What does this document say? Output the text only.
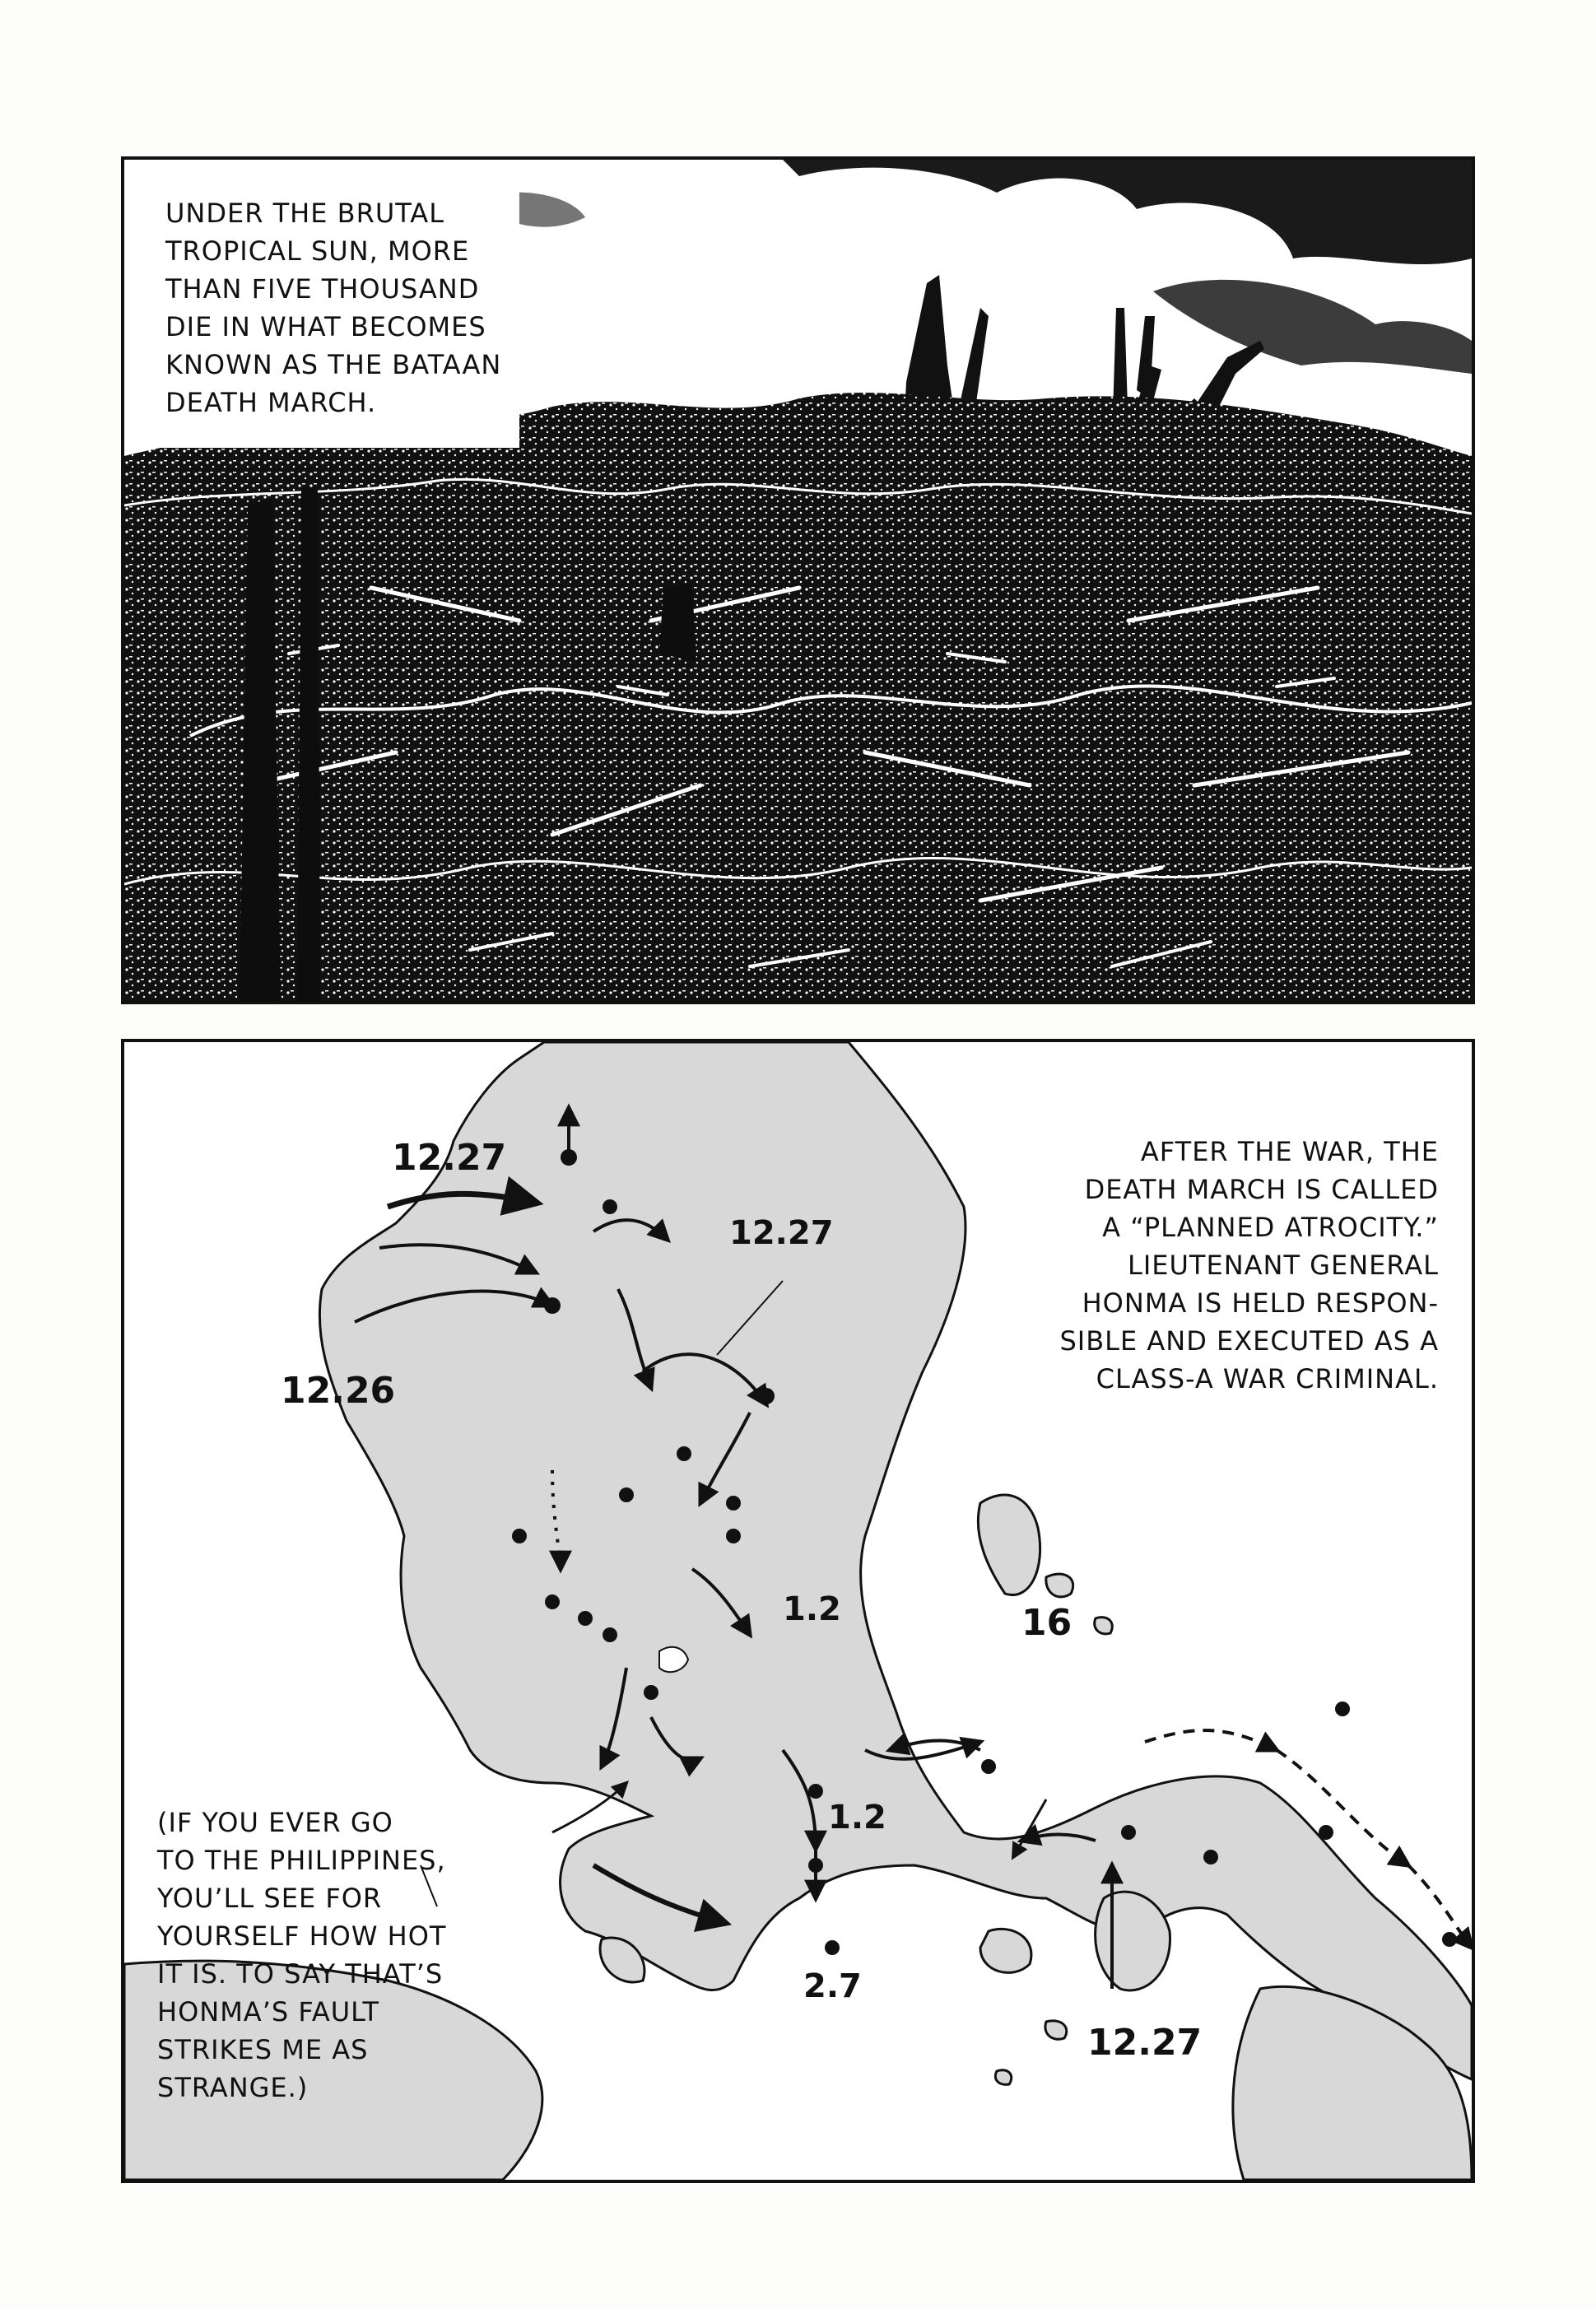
UNDER THE BRUTAL
TROPICAL SUN, MORE
THAN FIVE THOUSAND
DIE IN WHAT BECOMES
KNOWN AS THE BATAAN
DEATH MARCH.
12.27
12.27
12.26
1.2	16
1.2
2.7
12.27
AFTER THE WAR, THE
DEATH MARCH IS CALLED
A “PLANNED ATROCITY.”
LIEUTENANT GENERAL
HONMA IS HELD RESPON-
SIBLE AND EXECUTED AS A
CLASS-A WAR CRIMINAL.
(IF YOU EVER GO
TO THE PHILIPPINES,
YOU’LL SEE FOR
YOURSELF HOW HOT
IT IS. TO SAY THAT’S
HONMA’S FAULT
STRIKES ME AS
STRANGE.)
